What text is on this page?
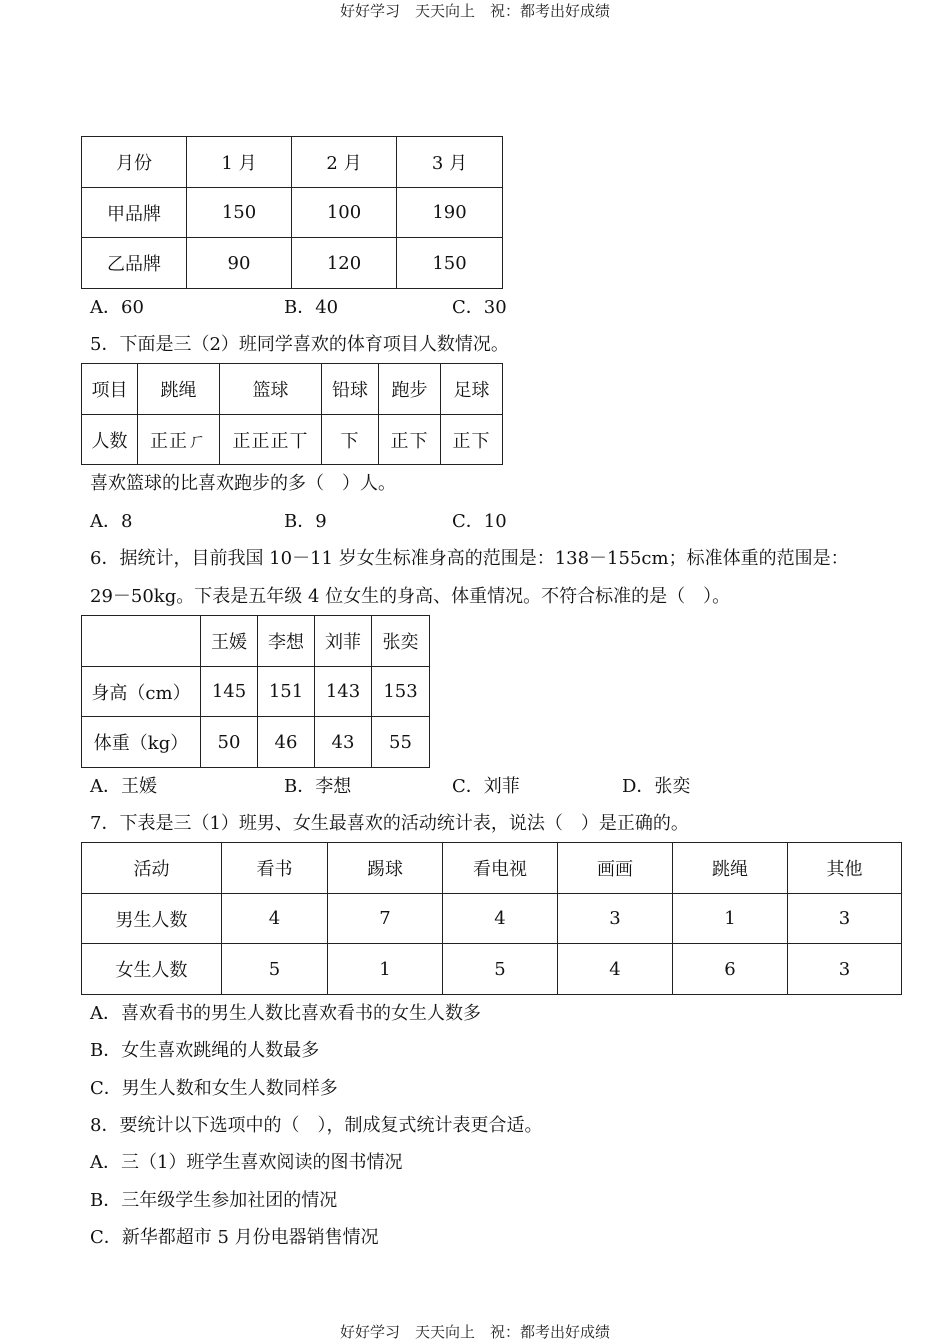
好好学习　天天向上　祝：都考出好成绩
月份	1 月	2 月	3 月
甲品牌	150	100	190
乙品牌	90	120	150
A．60	B．40	C．30
5．下面是三（2）班同学喜欢的体育项目人数情况。
项目	跳绳	篮球	铅球	跑步	足球
人数	正正ㄏ	正正正丅	下	正下	正下
喜欢篮球的比喜欢跑步的多（　）人。
A．8	B．9	C．10
6．据统计，目前我国 10－11 岁女生标准身高的范围是：138－155cm；标准体重的范围是：
29－50kg。下表是五年级 4 位女生的身高、体重情况。不符合标准的是（　）。
	王媛	李想	刘菲	张奕
身高（cm）	145	151	143	153
体重（kg）	50	46	43	55
A．王媛	B．李想	C．刘菲	D．张奕
7．下表是三（1）班男、女生最喜欢的活动统计表，说法（　）是正确的。
活动	看书	踢球	看电视	画画	跳绳	其他
男生人数	4	7	4	3	1	3
女生人数	5	1	5	4	6	3
A．喜欢看书的男生人数比喜欢看书的女生人数多
B．女生喜欢跳绳的人数最多
C．男生人数和女生人数同样多
8．要统计以下选项中的（　），制成复式统计表更合适。
A．三（1）班学生喜欢阅读的图书情况
B．三年级学生参加社团的情况
C．新华都超市 5 月份电器销售情况
好好学习　天天向上　祝：都考出好成绩
